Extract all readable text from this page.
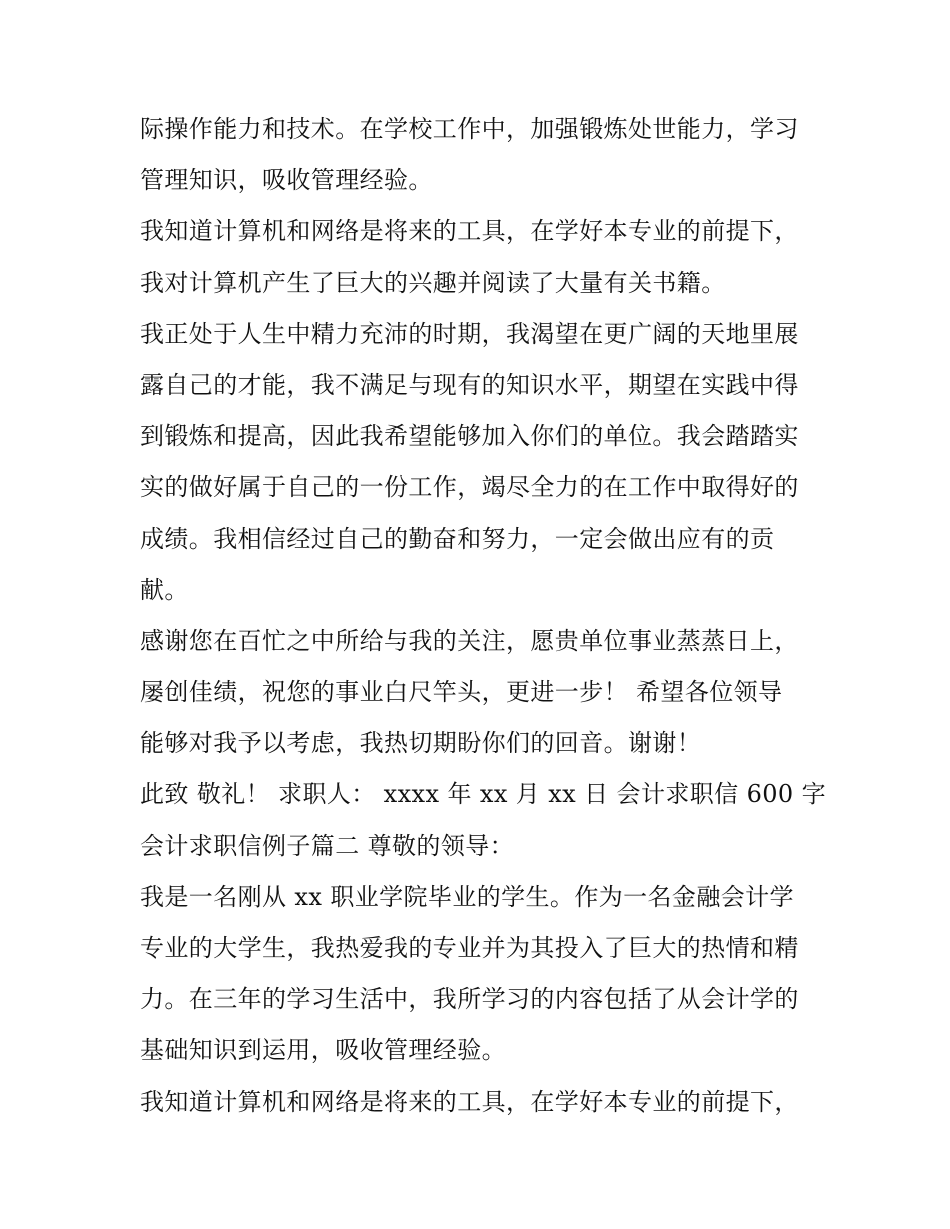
际操作能力和技术。在学校工作中，加强锻炼处世能力，学习
管理知识，吸收管理经验。
我知道计算机和网络是将来的工具，在学好本专业的前提下，
我对计算机产生了巨大的兴趣并阅读了大量有关书籍。
我正处于人生中精力充沛的时期，我渴望在更广阔的天地里展
露自己的才能，我不满足与现有的知识水平，期望在实践中得
到锻炼和提高，因此我希望能够加入你们的单位。我会踏踏实
实的做好属于自己的一份工作，竭尽全力的在工作中取得好的
成绩。我相信经过自己的勤奋和努力，一定会做出应有的贡
献。
感谢您在百忙之中所给与我的关注，愿贵单位事业蒸蒸日上，
屡创佳绩，祝您的事业白尺竿头，更进一步！ 希望各位领导
能够对我予以考虑，我热切期盼你们的回音。谢谢！
此致 敬礼！ 求职人： xxxx 年 xx 月 xx 日 会计求职信 600 字
会计求职信例子篇二 尊敬的领导：
我是一名刚从 xx 职业学院毕业的学生。作为一名金融会计学
专业的大学生，我热爱我的专业并为其投入了巨大的热情和精
力。在三年的学习生活中，我所学习的内容包括了从会计学的
基础知识到运用，吸收管理经验。
我知道计算机和网络是将来的工具，在学好本专业的前提下，
